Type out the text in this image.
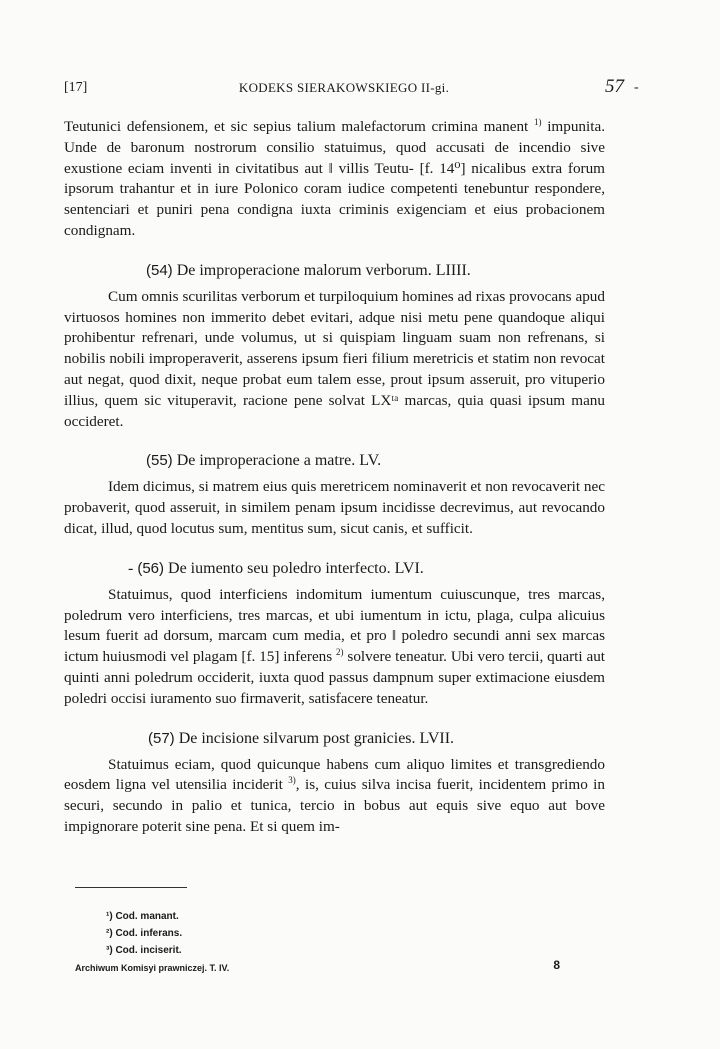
[17]	KODEKS SIERAKOWSKIEGO II-gi.	57 -

Teutunici defensionem, et sic sepius talium malefactorum crimina manent $^{1)}$ impunita. Unde de baronum nostrorum consilio statuimus, quod accusati de incendio sive exustione eciam inventi in civitatibus aut ‖ villis Teutu- [f. 14⁰] nicalibus extra forum ipsorum trahantur et in iure Polonico coram iudice competenti tenebuntur respondere, sentenciari et puniri pena condigna iuxta criminis exigenciam et eius probacionem condignam.

(54) De improperacione malorum verborum. LIIII.

Cum omnis scurilitas verborum et turpiloquium homines ad rixas provocans apud virtuosos homines non immerito debet evitari, adque nisi metu pene quandoque aliqui prohibentur refrenari, unde volumus, ut si quispiam linguam suam non refrenans, si nobilis nobili improperaverit, asserens ipsum fieri filium meretricis et statim non revocat aut negat, quod dixit, neque probat eum talem esse, prout ipsum asseruit, pro vituperio illius, quem sic vituperavit, racione pene solvat LXᵗᵃ marcas, quia quasi ipsum manu occideret.

(55) De improperacione a matre. LV.

Idem dicimus, si matrem eius quis meretricem nominaverit et non revocaverit nec probaverit, quod asseruit, in similem penam ipsum incidisse decrevimus, aut revocando dicat, illud, quod locutus sum, mentitus sum, sicut canis, et sufficit.

- (56) De iumento seu poledro interfecto. LVI.

Statuimus, quod interficiens indomitum iumentum cuiuscunque, tres marcas, poledrum vero interficiens, tres marcas, et ubi iumentum in ictu, plaga, culpa alicuius lesum fuerit ad dorsum, marcam cum media, et pro ‖ poledro secundi anni sex marcas ictum huiusmodi vel plagam [f. 15] inferens $^{2)}$ solvere teneatur. Ubi vero tercii, quarti aut quinti anni poledrum occiderit, iuxta quod passus dampnum super extimacione eiusdem poledri occisi iuramento suo firmaverit, satisfacere teneatur.

(57) De incisione silvarum post granicies. LVII.

Statuimus eciam, quod quicunque habens cum aliquo limites et transgrediendo eosdem ligna vel utensilia inciderit $^{3)}$, is, cuius silva incisa fuerit, incidentem primo in securi, secundo in palio et tunica, tercio in bobus aut equis sive equo aut bove impignorare poterit sine pena. Et si quem im-

¹) Cod. manant.
²) Cod. inferans.
³) Cod. inciserit.
Archiwum Komisyi prawniczej. T. IV.	8
